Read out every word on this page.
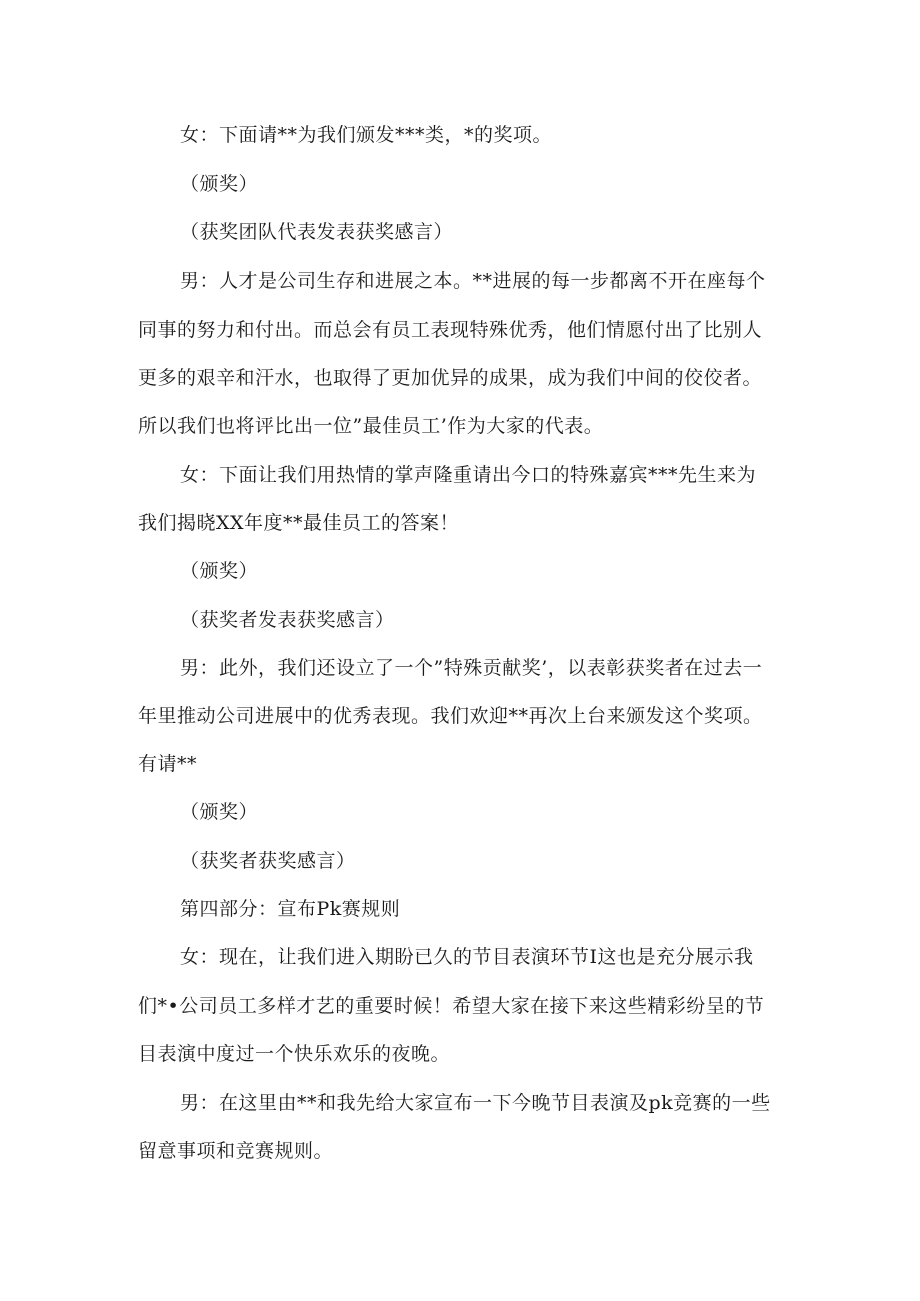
女：下面请**为我们颁发***类，*的奖项。
（颁奖）
（获奖团队代表发表获奖感言）
男：人才是公司生存和进展之本。**进展的每一步都离不开在座每个
同事的努力和付出。而总会有员工表现特殊优秀，他们情愿付出了比别人
更多的艰辛和汗水，也取得了更加优异的成果，成为我们中间的佼佼者。
所以我们也将评比出一位”最佳员工’作为大家的代表。
女：下面让我们用热情的掌声隆重请出今口的特殊嘉宾***先生来为
我们揭晓XX年度**最佳员工的答案！
（颁奖）
（获奖者发表获奖感言）
男：此外，我们还设立了一个”特殊贡献奖’，以表彰获奖者在过去一
年里推动公司进展中的优秀表现。我们欢迎**再次上台来颁发这个奖项。
有请**
（颁奖）
（获奖者获奖感言）
第四部分：宣布Pk赛规则
女：现在，让我们进入期盼已久的节目表演环节I这也是充分展示我
们*•公司员工多样才艺的重要时候！希望大家在接下来这些精彩纷呈的节
目表演中度过一个快乐欢乐的夜晚。
男：在这里由**和我先给大家宣布一下今晚节目表演及pk竞赛的一些
留意事项和竞赛规则。
